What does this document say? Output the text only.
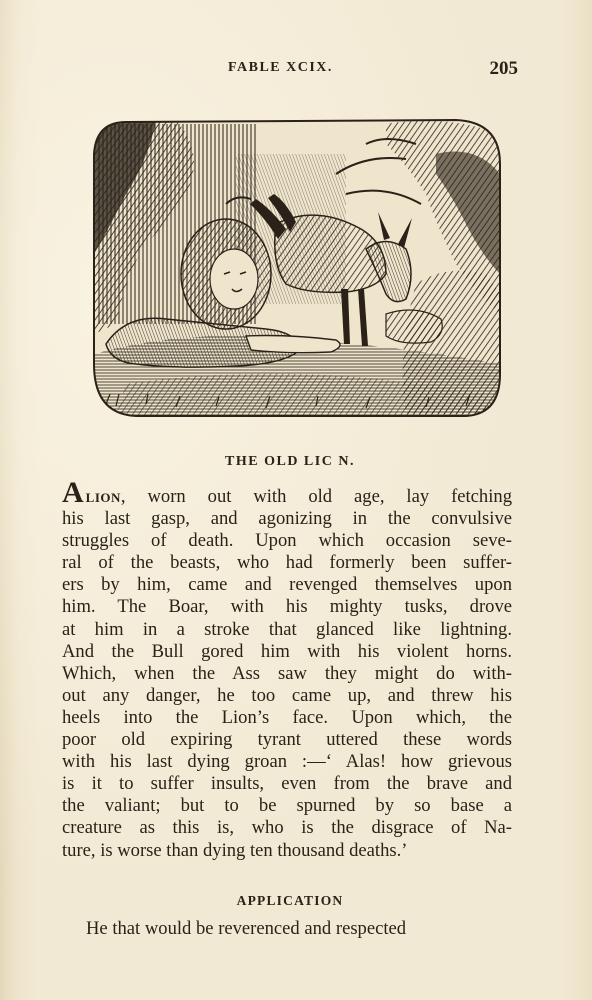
FABLE XCIX.	205
THE OLD LIC N.
Alion, worn out with old age, lay fetching
his last gasp, and agonizing in the convulsive
struggles of death. Upon which occasion seve-
ral of the beasts, who had formerly been suffer-
ers by him, came and revenged themselves upon
him. The Boar, with his mighty tusks, drove
at him in a stroke that glanced like lightning.
And the Bull gored him with his violent horns.
Which, when the Ass saw they might do with-
out any danger, he too came up, and threw his
heels into the Lion’s face. Upon which, the
poor old expiring tyrant uttered these words
with his last dying groan :—‘ Alas! how grievous
is it to suffer insults, even from the brave and
the valiant; but to be spurned by so base a
creature as this is, who is the disgrace of Na-
ture, is worse than dying ten thousand deaths.’
APPLICATION
He that would be reverenced and respected
